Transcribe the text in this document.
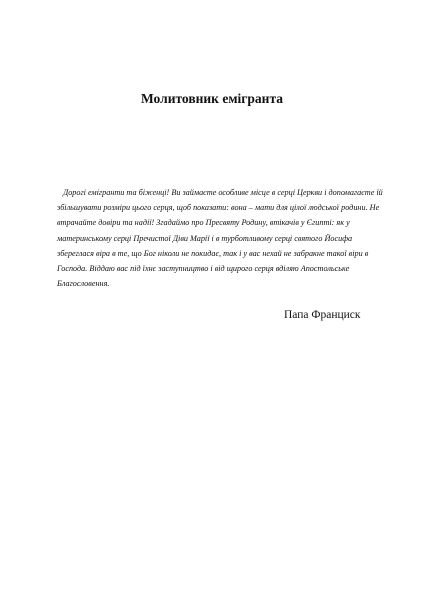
Молитовник емігранта

Дорогі емігранти та біженці! Ви займаєте особливе місце в серці Церкви і допомагаєте їй збільшувати розміри цього серця, щоб показати: вона – мати для цілої людської родини. Не втрачайте довіри та надії! Згадаймо про Пресвяту Родину, втікачів у Єгипті: як у материнському серці Пречистої Діви Марії і в турботливому серці святого Йосифа збереглася віра в те, що Бог ніколи не покидає, так і у вас нехай не забракне такої віри в Господа. Віддаю вас під їхнє заступництво і від щирого серця вділяю Апостольське Благословення.

Папа Франциск
